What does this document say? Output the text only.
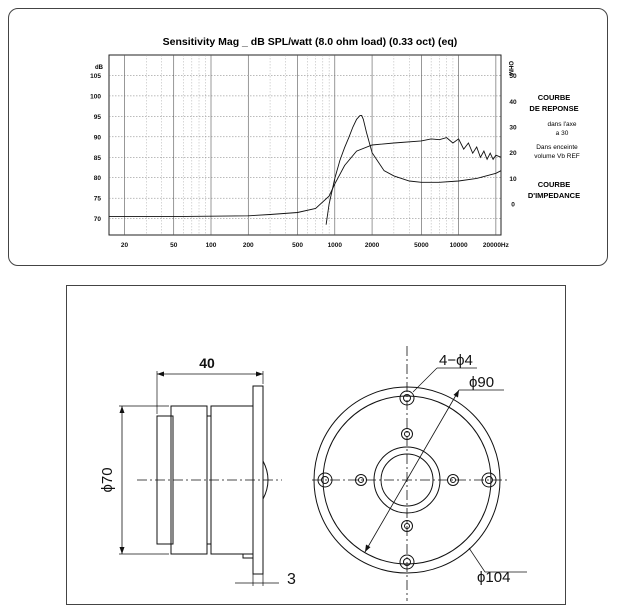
Sensitivity Mag _ dB SPL/watt (8.0 ohm load) (0.33 oct) (eq)
20	50	100	200	500	1000	2000	5000	10000 20000Hz
70
75
80
85
90
95
100
105
0
10
20
30
40
50
dB	OHM
COURBE
DE REPONSE
dans l'axe
a 30
Dans enceinte
volume Vb REF
COURBE
D'IMPEDANCE
40
ϕ70
3
4−ϕ4
ϕ90
ϕ104
